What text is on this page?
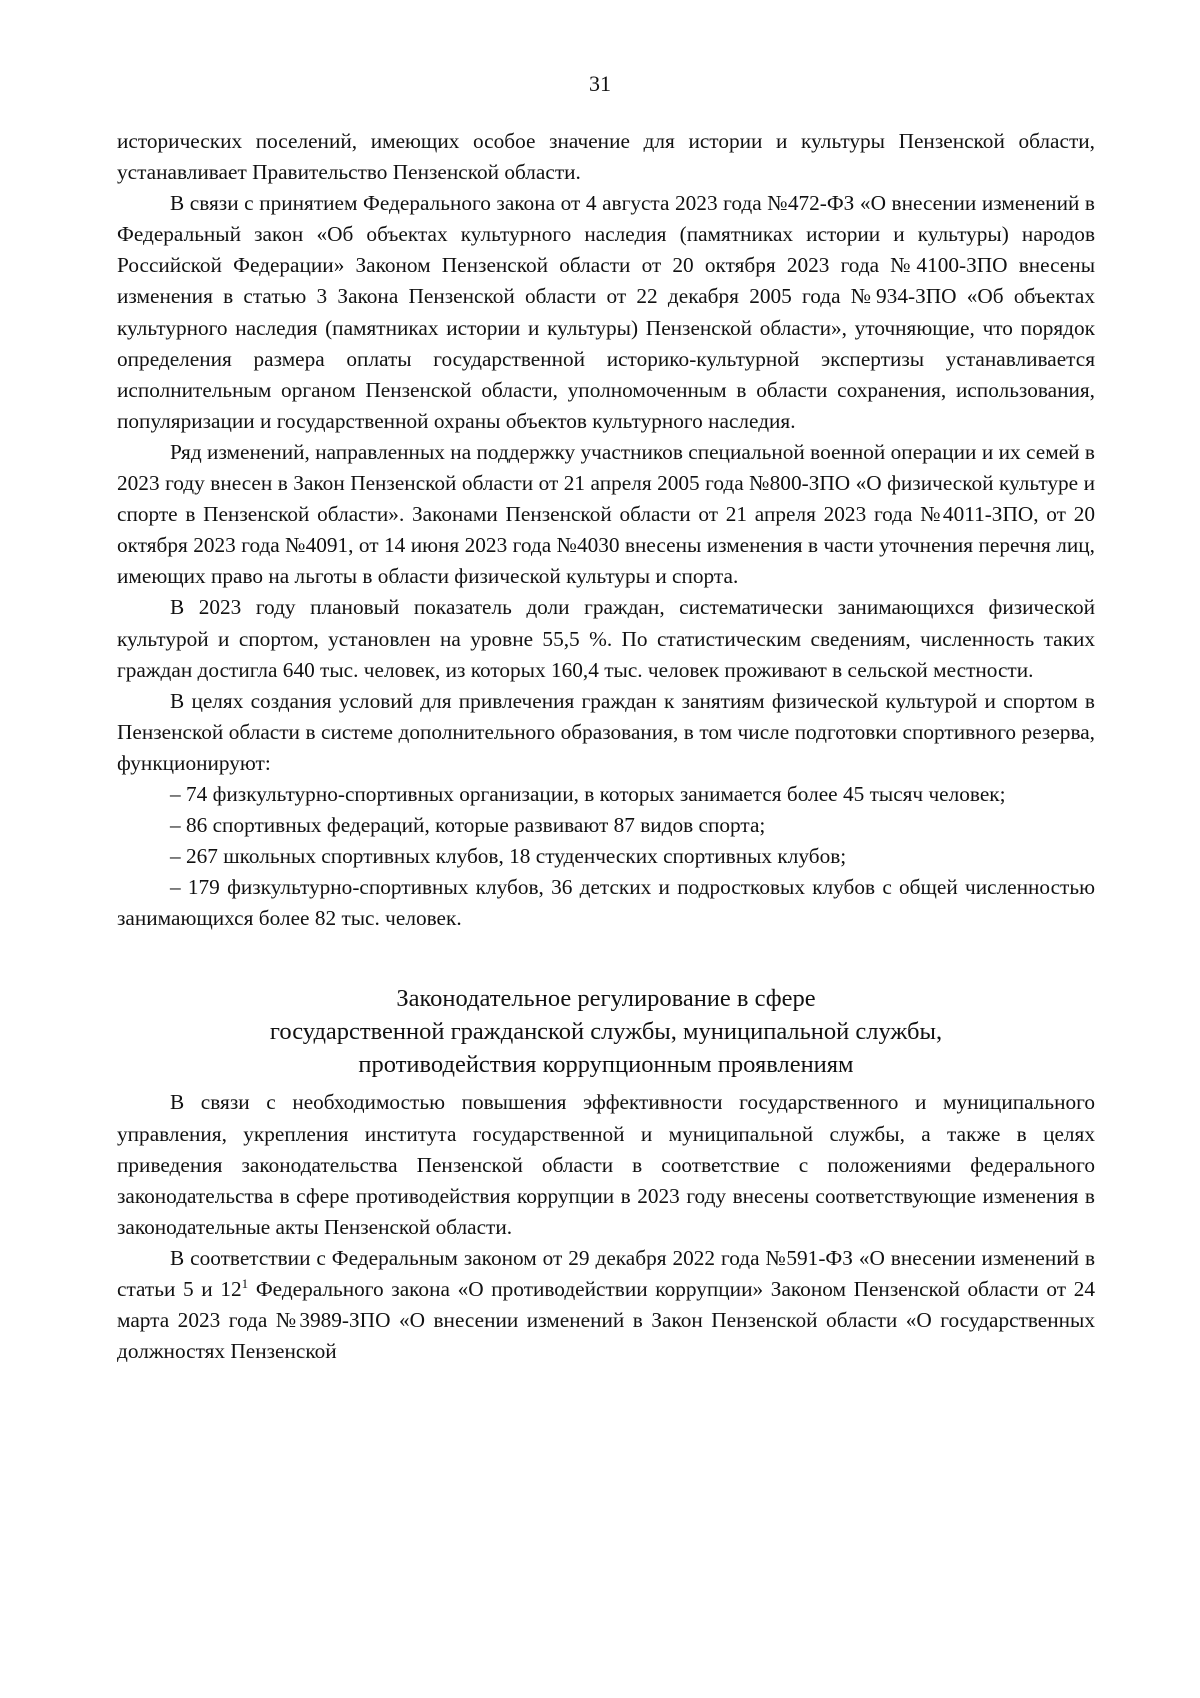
31

исторических поселений, имеющих особое значение для истории и культуры Пензенской области, устанавливает Правительство Пензенской области.

В связи с принятием Федерального закона от 4 августа 2023 года №472-ФЗ «О внесении изменений в Федеральный закон «Об объектах культурного наследия (памятниках истории и культуры) народов Российской Федерации» Законом Пензенской области от 20 октября 2023 года №4100-ЗПО внесены изменения в статью 3 Закона Пензенской области от 22 декабря 2005 года №934-ЗПО «Об объектах культурного наследия (памятниках истории и культуры) Пензенской области», уточняющие, что порядок определения размера оплаты государственной историко-культурной экспертизы устанавливается исполнительным органом Пензенской области, уполномоченным в области сохранения, использования, популяризации и государственной охраны объектов культурного наследия.

Ряд изменений, направленных на поддержку участников специальной военной операции и их семей в 2023 году внесен в Закон Пензенской области от 21 апреля 2005 года №800-ЗПО «О физической культуре и спорте в Пензенской области». Законами Пензенской области от 21 апреля 2023 года №4011-ЗПО, от 20 октября 2023 года №4091, от 14 июня 2023 года №4030 внесены изменения в части уточнения перечня лиц, имеющих право на льготы в области физической культуры и спорта.

В 2023 году плановый показатель доли граждан, систематически занимающихся физической культурой и спортом, установлен на уровне 55,5 %. По статистическим сведениям, численность таких граждан достигла 640 тыс. человек, из которых 160,4 тыс. человек проживают в сельской местности.

В целях создания условий для привлечения граждан к занятиям физической культурой и спортом в Пензенской области в системе дополнительного образования, в том числе подготовки спортивного резерва, функционируют:

– 74 физкультурно-спортивных организации, в которых занимается более 45 тысяч человек;

– 86 спортивных федераций, которые развивают 87 видов спорта;

– 267 школьных спортивных клубов, 18 студенческих спортивных клубов;

– 179 физкультурно-спортивных клубов, 36 детских и подростковых клубов с общей численностью занимающихся более 82 тыс. человек.

Законодательное регулирование в сфере
государственной гражданской службы, муниципальной службы,
противодействия коррупционным проявлениям

В связи с необходимостью повышения эффективности государственного и муниципального управления, укрепления института государственной и муниципальной службы, а также в целях приведения законодательства Пензенской области в соответствие с положениями федерального законодательства в сфере противодействия коррупции в 2023 году внесены соответствующие изменения в законодательные акты Пензенской области.

В соответствии с Федеральным законом от 29 декабря 2022 года №591-ФЗ «О внесении изменений в статьи 5 и $12^1$ Федерального закона «О противодействии коррупции» Законом Пензенской области от 24 марта 2023 года №3989-ЗПО «О внесении изменений в Закон Пензенской области «О государственных должностях Пензенской
